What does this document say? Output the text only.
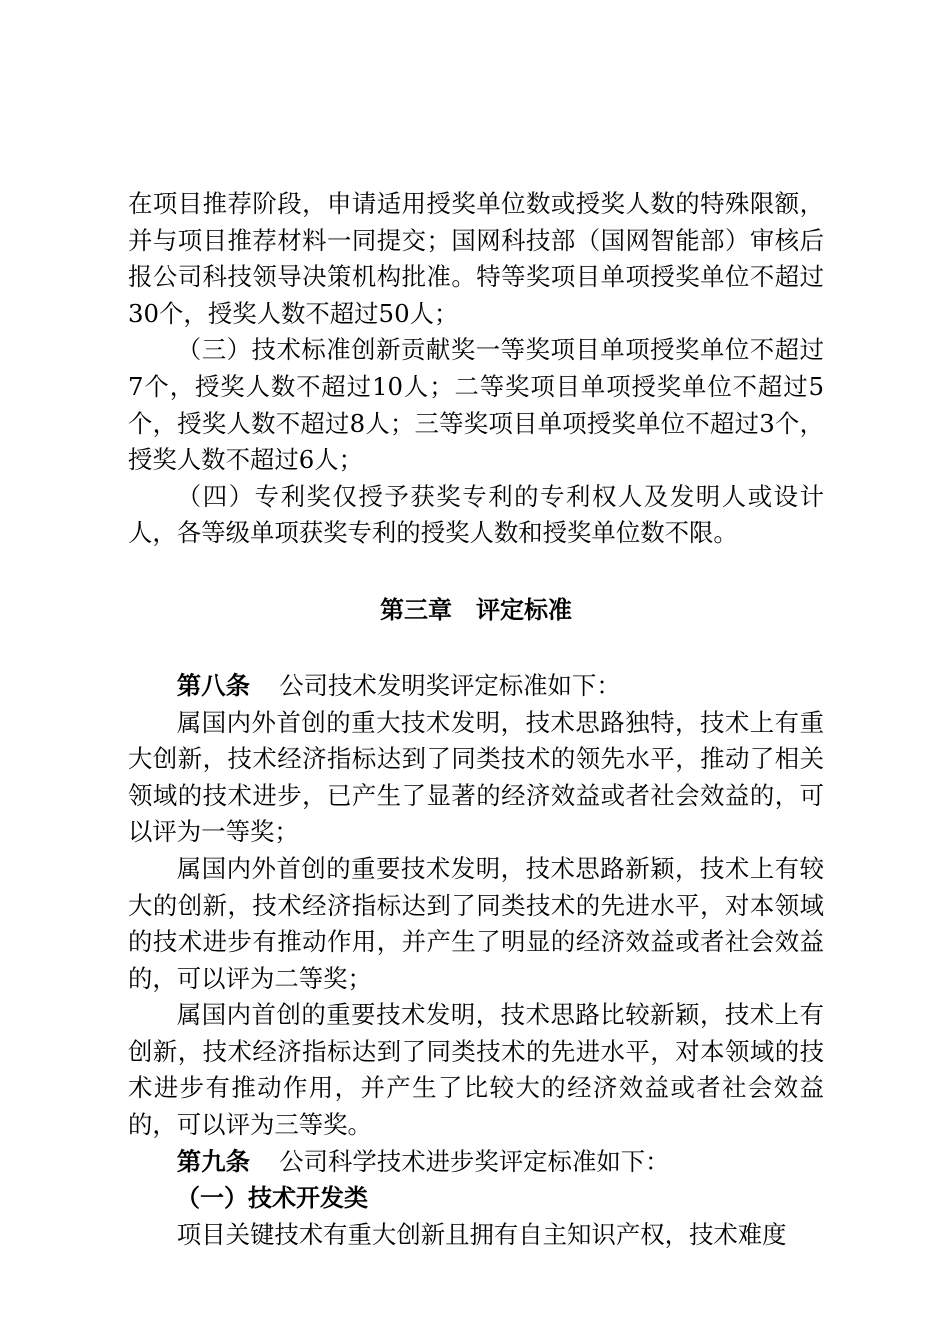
在项目推荐阶段，申请适用授奖单位数或授奖人数的特殊限额，并与项目推荐材料一同提交；国网科技部（国网智能部）审核后报公司科技领导决策机构批准。特等奖项目单项授奖单位不超过30个，授奖人数不超过50人；

（三）技术标准创新贡献奖一等奖项目单项授奖单位不超过7个，授奖人数不超过10人；二等奖项目单项授奖单位不超过5个，授奖人数不超过8人；三等奖项目单项授奖单位不超过3个，授奖人数不超过6人；

（四）专利奖仅授予获奖专利的专利权人及发明人或设计人，各等级单项获奖专利的授奖人数和授奖单位数不限。

第三章　评定标准

第八条 公司技术发明奖评定标准如下：

属国内外首创的重大技术发明，技术思路独特，技术上有重大创新，技术经济指标达到了同类技术的领先水平，推动了相关领域的技术进步，已产生了显著的经济效益或者社会效益的，可以评为一等奖；

属国内外首创的重要技术发明，技术思路新颖，技术上有较大的创新，技术经济指标达到了同类技术的先进水平，对本领域的技术进步有推动作用，并产生了明显的经济效益或者社会效益的，可以评为二等奖；

属国内首创的重要技术发明，技术思路比较新颖，技术上有创新，技术经济指标达到了同类技术的先进水平，对本领域的技术进步有推动作用，并产生了比较大的经济效益或者社会效益的，可以评为三等奖。

第九条 公司科学技术进步奖评定标准如下：

（一）技术开发类

项目关键技术有重大创新且拥有自主知识产权，技术难度
